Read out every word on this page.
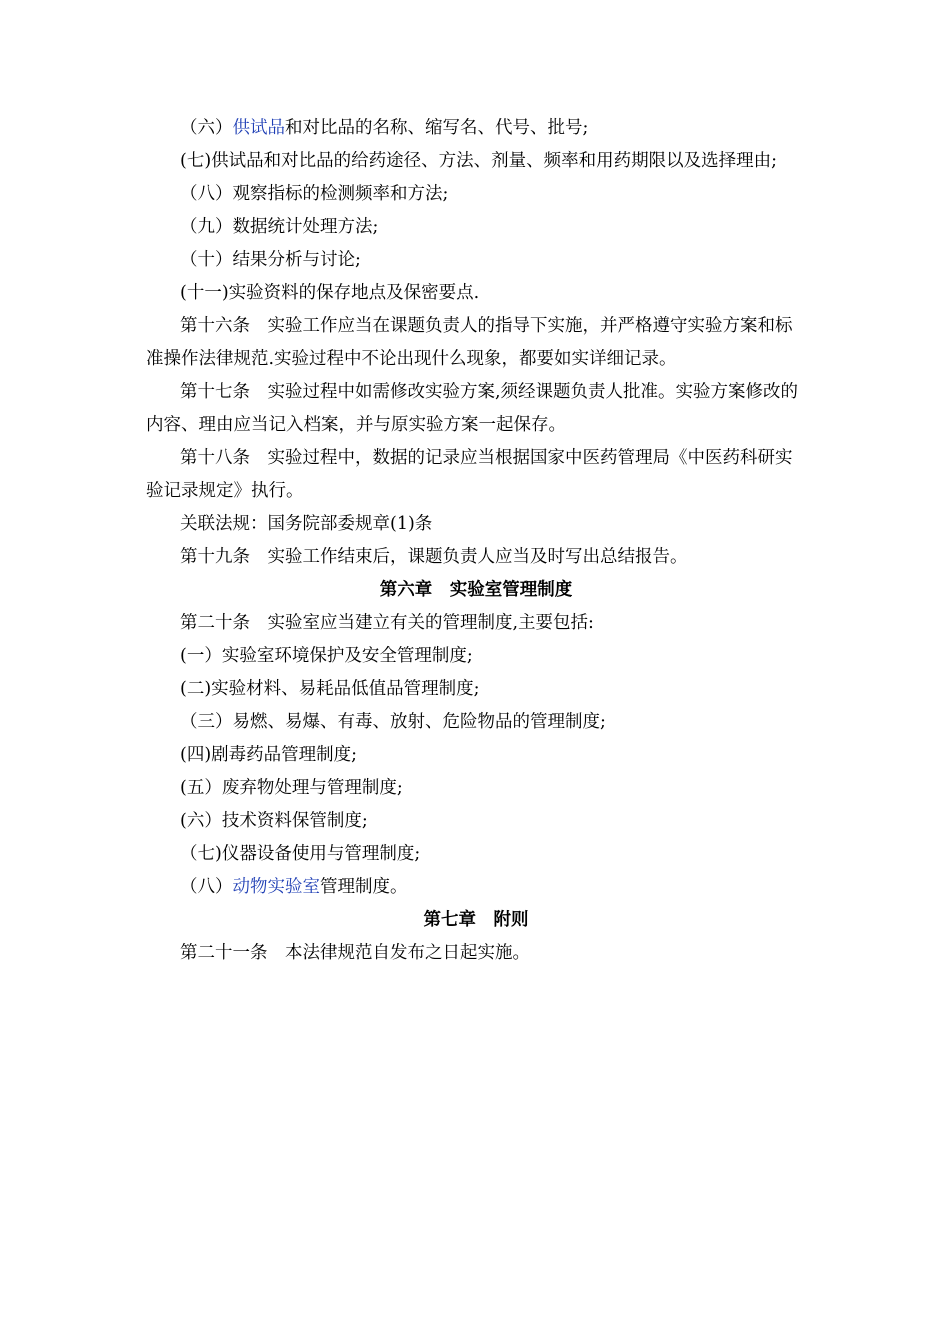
（六）供试品和对比品的名称、缩写名、代号、批号;

(七)供试品和对比品的给药途径、方法、剂量、频率和用药期限以及选择理由;

（八）观察指标的检测频率和方法;

（九）数据统计处理方法;

（十）结果分析与讨论;

(十一)实验资料的保存地点及保密要点.

第十六条　实验工作应当在课题负责人的指导下实施，并严格遵守实验方案和标准操作法律规范.实验过程中不论出现什么现象，都要如实详细记录。

第十七条　实验过程中如需修改实验方案,须经课题负责人批准。实验方案修改的内容、理由应当记入档案，并与原实验方案一起保存。

第十八条　实验过程中，数据的记录应当根据国家中医药管理局《中医药科研实验记录规定》执行。

关联法规：国务院部委规章(1)条

第十九条　实验工作结束后，课题负责人应当及时写出总结报告。

第六章　实验室管理制度

第二十条　实验室应当建立有关的管理制度,主要包括:

(一）实验室环境保护及安全管理制度;

(二)实验材料、易耗品低值品管理制度;

（三）易燃、易爆、有毒、放射、危险物品的管理制度;

(四)剧毒药品管理制度;

(五）废弃物处理与管理制度;

(六）技术资料保管制度;

（七)仪器设备使用与管理制度;

（八）动物实验室管理制度。

第七章　附则

第二十一条　本法律规范自发布之日起实施。
